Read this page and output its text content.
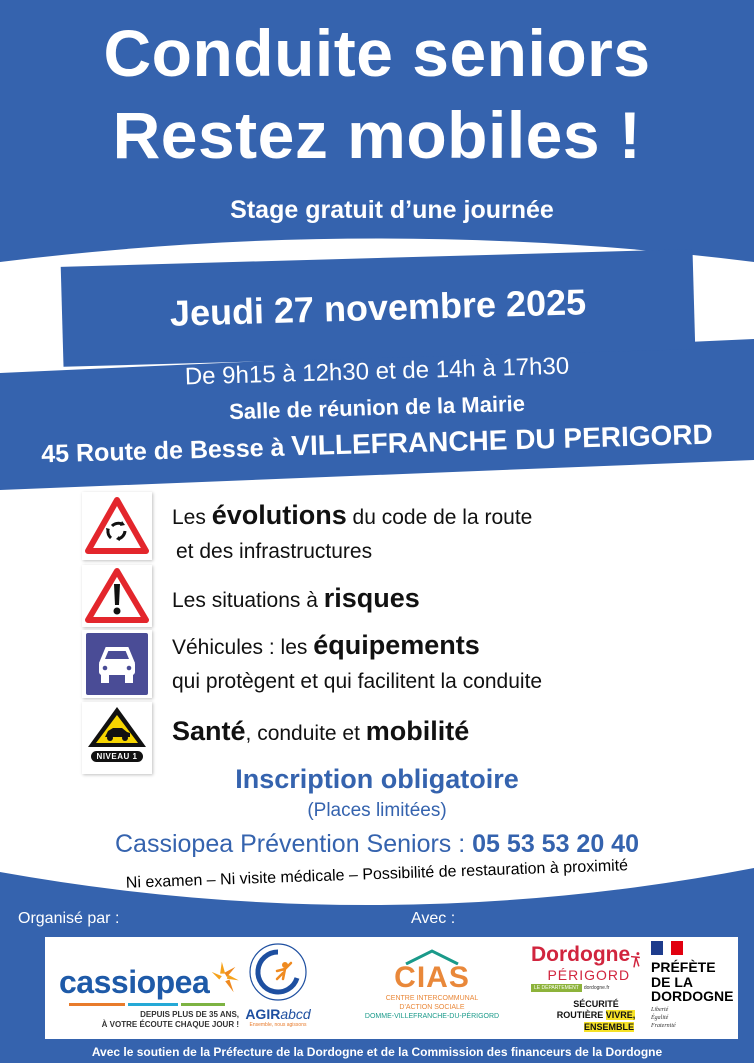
Conduite seniors
Restez mobiles !
Stage gratuit d’une journée
Jeudi 27 novembre 2025
De 9h15 à 12h30 et de 14h à 17h30
Salle de réunion de la Mairie
45 Route de Besse à VILLEFRANCHE DU PERIGORD
Les évolutions du code de la route
et des infrastructures
Les situations à risques
Véhicules : les équipements
qui protègent et qui facilitent la conduite
NIVEAU 1
Santé, conduite et mobilité
Inscription obligatoire
(Places limitées)
Cassiopea Prévention Seniors : 05 53 53 20 40
Ni examen – Ni visite médicale – Possibilité de restauration à proximité
Organisé par :	Avec :
cassiopea
DEPUIS PLUS DE 35 ANS,
À VOTRE ÉCOUTE CHAQUE JOUR !
AGIRabcd
Ensemble, nous agissons
CIAS
CENTRE INTERCOMMUNAL
D'ACTION SOCIALE
DOMME-VILLEFRANCHE-DU-PÉRIGORD
Dordogne
PÉRIGORD
LE DÉPARTEMENT	dordogne.fr
SÉCURITÉ
ROUTIÈRE VIVRE,
ENSEMBLE
PRÉFÈTE
DE LA
DORDOGNE
Liberté
Égalité
Fraternité
Avec le soutien de la Préfecture de la Dordogne et de la Commission des financeurs de la Dordogne
